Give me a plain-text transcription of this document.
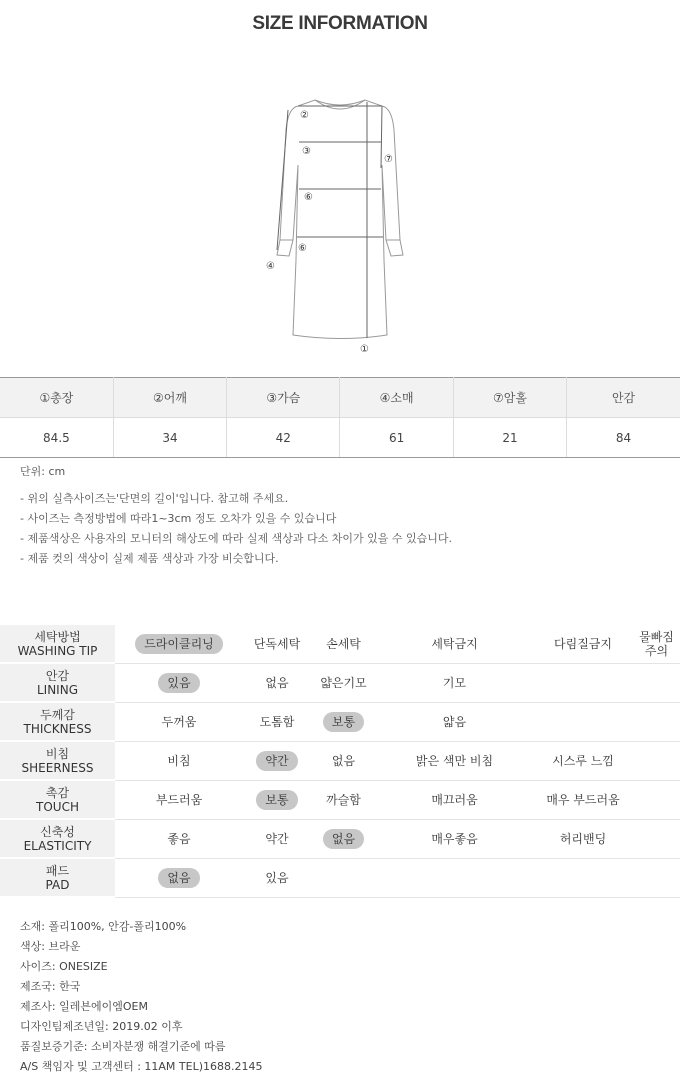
SIZE INFORMATION
②
③
⑦
⑥
⑥
④
①
①총장	②어깨	③가슴	④소매	⑦암홀	안감
84.5	34	42	61	21	84
단위: cm
- 위의 실측사이즈는'단면의 길이'입니다. 참고해 주세요.
- 사이즈는 측정방법에 따라1~3cm 정도 오차가 있을 수 있습니다
- 제품색상은 사용자의 모니터의 해상도에 따라 실제 색상과 다소 차이가 있을 수 있습니다.
- 제품 컷의 색상이 실제 제품 색상과 가장 비슷합니다.
세탁방법
WASHING TIP	드라이클리닝	단독세탁	손세탁	세탁금지	다림질금지	물빠짐주의

안감
LINING	있음	없음	얇은기모	기모		

두께감
THICKNESS	두꺼움	도톰함	보통	얇음		

비침
SHEERNESS	비침	약간	없음	밝은 색만 비침	시스루 느낌	

촉감
TOUCH	부드러움	보통	까슬함	매끄러움	매우 부드러움	

신축성
ELASTICITY	좋음	약간	없음	매우좋음	허리밴딩	

패드
PAD	없음	있음				
소재: 폴리100%, 안감-폴리100%
색상: 브라운
사이즈: ONESIZE
제조국: 한국
제조사: 일레븐에이엠OEM
디자인팀제조년일: 2019.02 이후
품질보증기준: 소비자분쟁 해결기준에 따름
A/S 책임자 및 고객센터 : 11AM TEL)1688.2145
